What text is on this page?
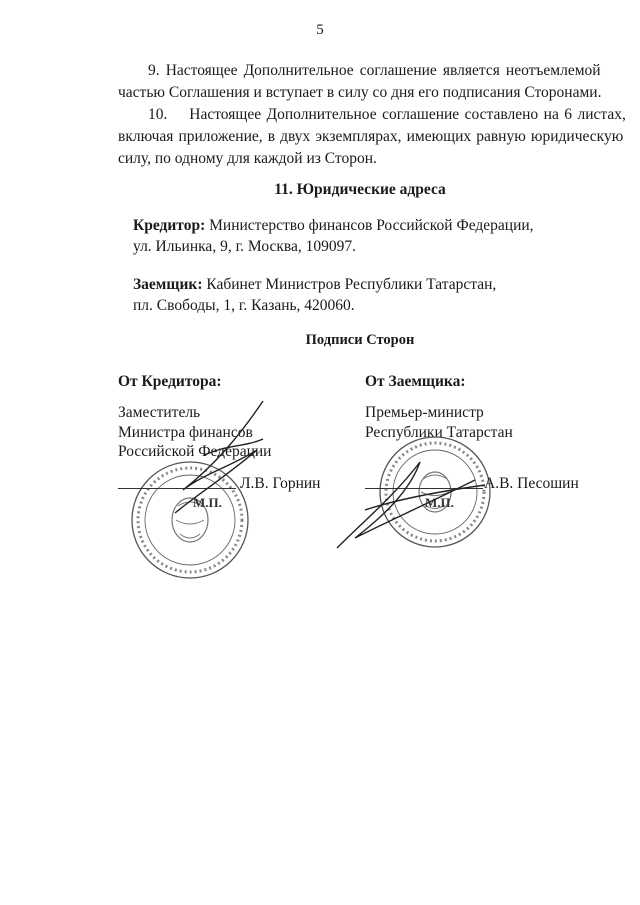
5
9. Настоящее Дополнительное соглашение является неотъемлемой
частью Соглашения и вступает в силу со дня его подписания Сторонами.
10.    Настоящее Дополнительное соглашение составлено на 6 листах,
включая приложение, в двух экземплярах, имеющих равную юридическую
силу, по одному для каждой из Сторон.
11. Юридические адреса
Кредитор: Министерство финансов Российской Федерации,
ул. Ильинка, 9, г. Москва, 109097.
Заемщик: Кабинет Министров Республики Татарстан,
пл. Свободы, 1, г. Казань, 420060.
Подписи Сторон
От Кредитора:
Заместитель
Министра финансов
Российской Федерации
М.П.
Л.В. Горнин
От Заемщика:
Премьер-министр
Республики Татарстан
М.П.
А.В. Песошин
